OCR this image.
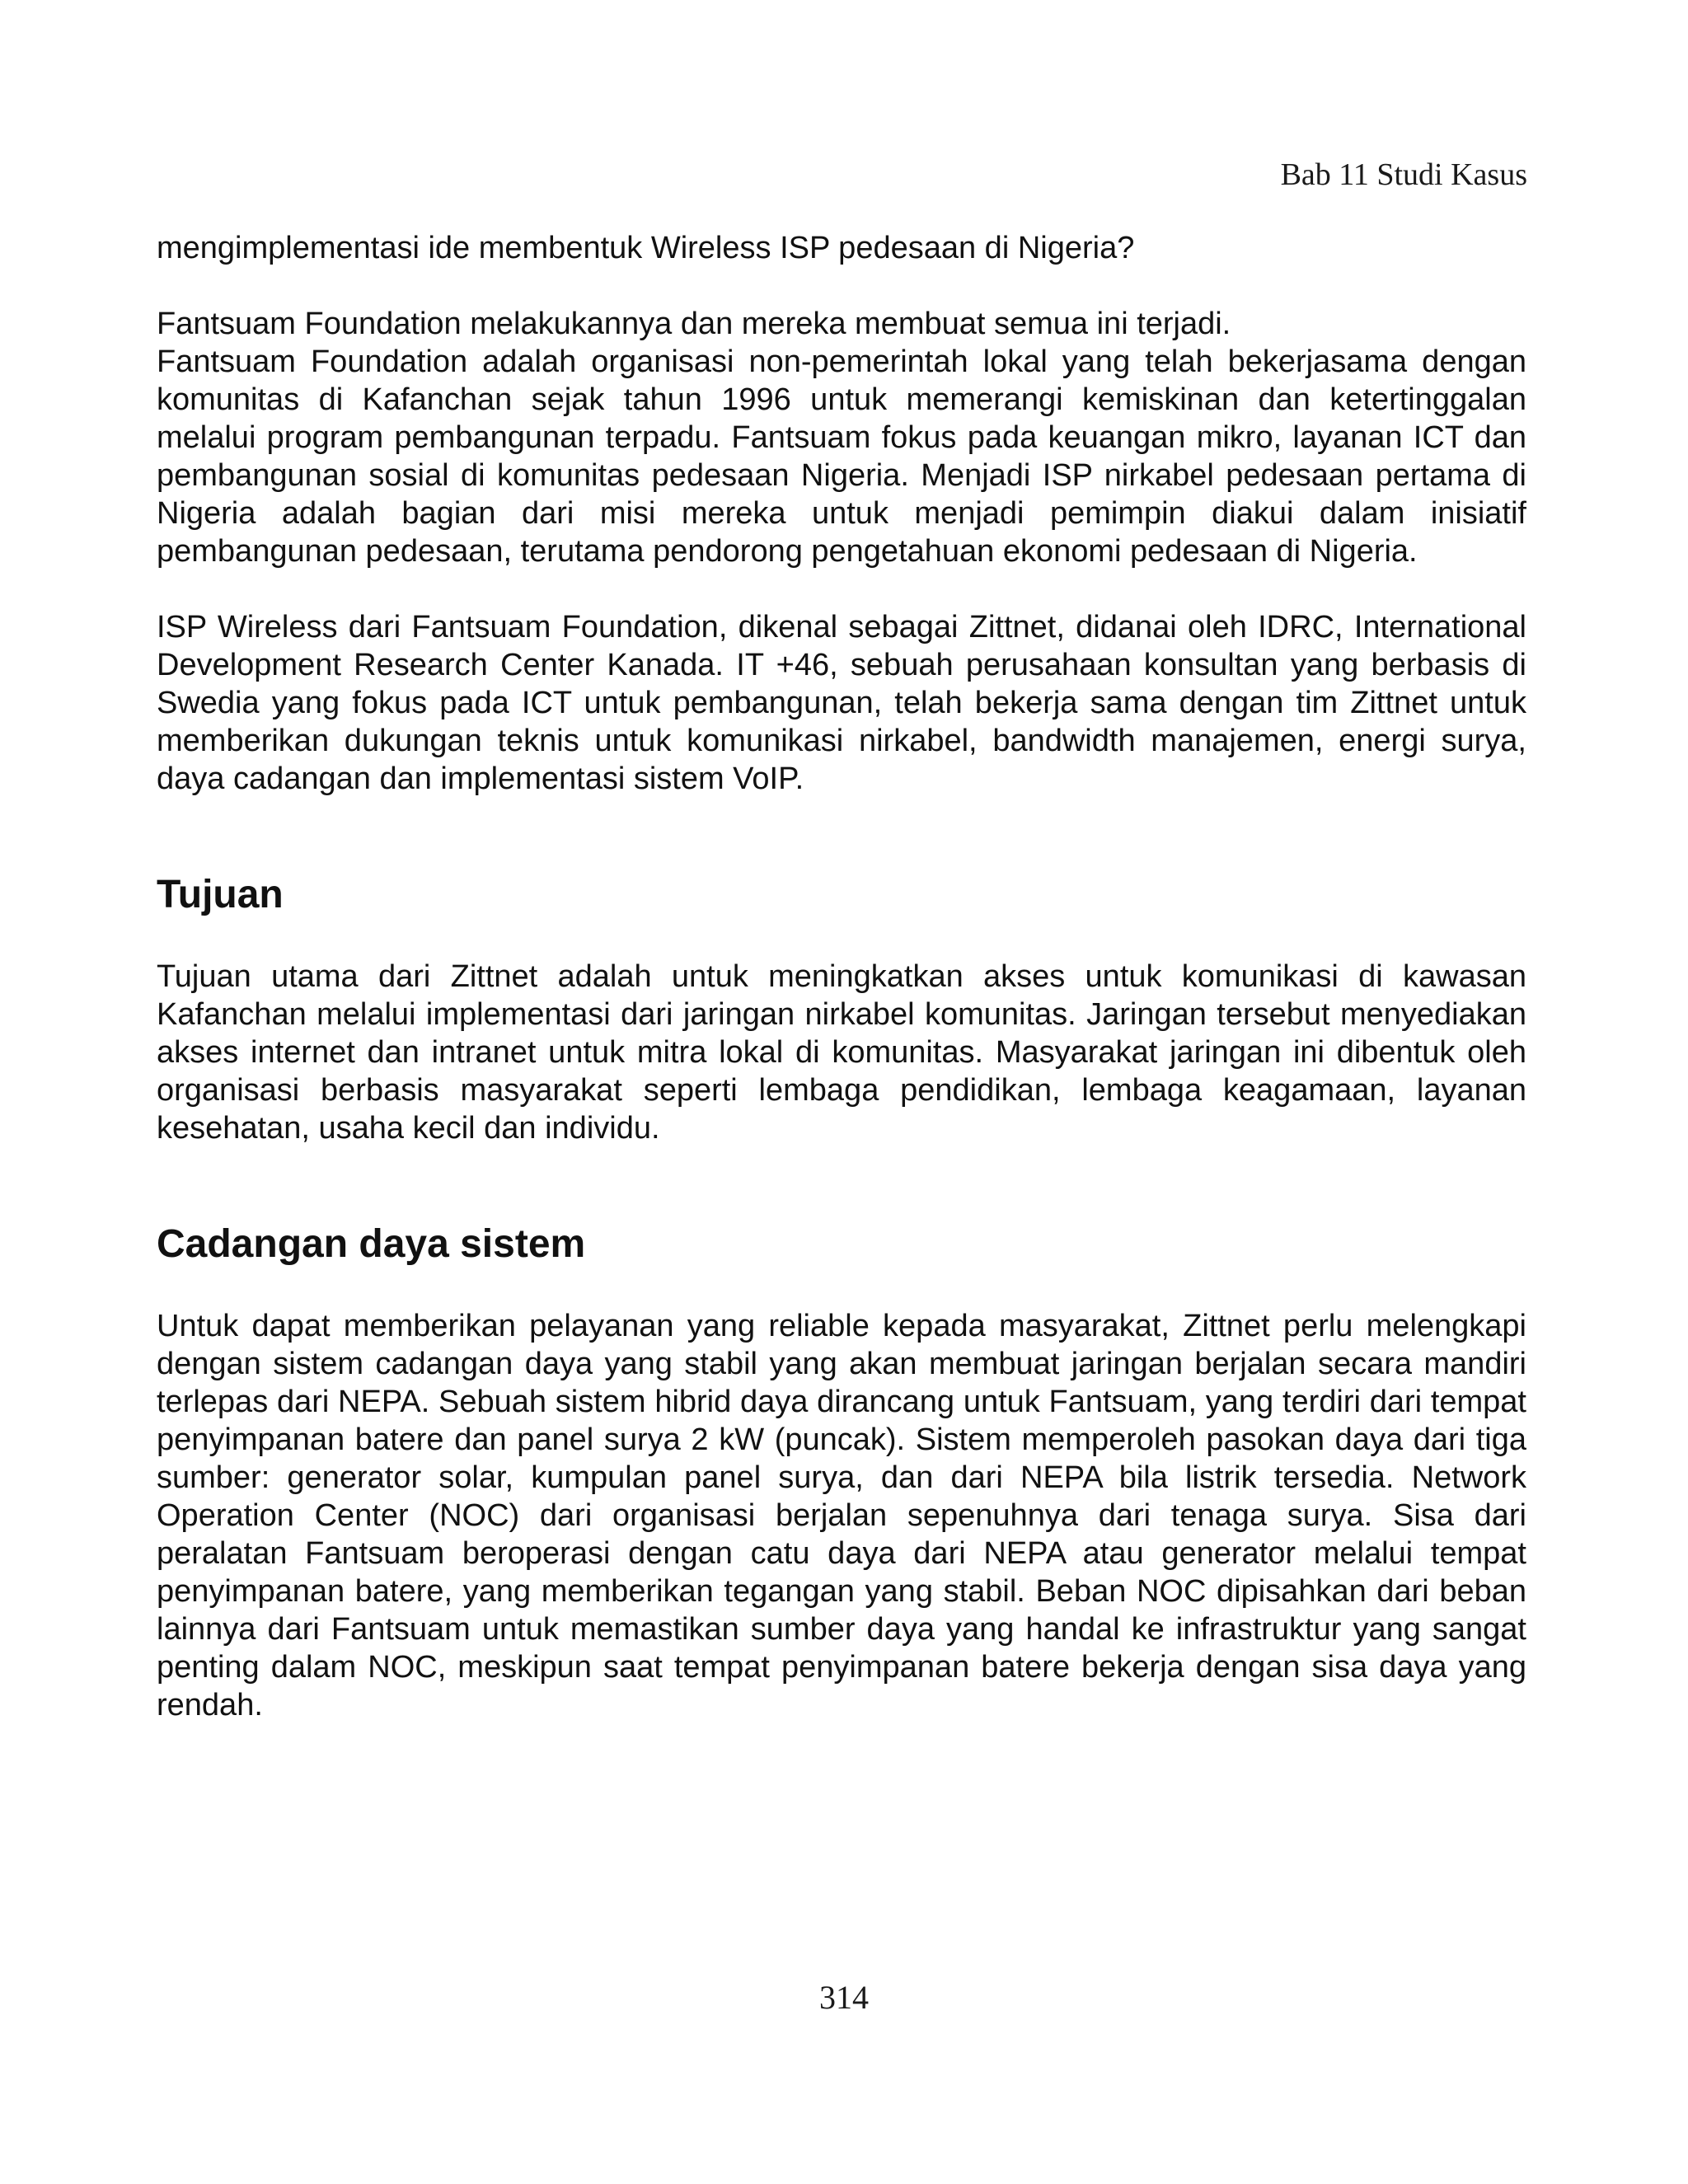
Bab 11 Studi Kasus

mengimplementasi ide membentuk Wireless ISP pedesaan di Nigeria?

Fantsuam Foundation melakukannya dan mereka membuat semua ini terjadi.

Fantsuam Foundation adalah organisasi non-pemerintah lokal yang telah bekerjasama dengan komunitas di Kafanchan sejak tahun 1996 untuk memerangi kemiskinan dan ketertinggalan melalui program pembangunan terpadu. Fantsuam fokus pada keuangan mikro, layanan ICT dan pembangunan sosial di komunitas pedesaan Nigeria. Menjadi ISP nirkabel pedesaan pertama di Nigeria adalah bagian dari misi mereka untuk menjadi pemimpin diakui dalam inisiatif pembangunan pedesaan, terutama pendorong pengetahuan ekonomi pedesaan di Nigeria.

ISP Wireless dari Fantsuam Foundation, dikenal sebagai Zittnet, didanai oleh IDRC, International Development Research Center Kanada. IT +46, sebuah perusahaan konsultan yang berbasis di Swedia yang fokus pada ICT untuk pembangunan, telah bekerja sama dengan tim Zittnet untuk memberikan dukungan teknis untuk komunikasi nirkabel, bandwidth manajemen, energi surya, daya cadangan dan implementasi sistem VoIP.

Tujuan

Tujuan utama dari Zittnet adalah untuk meningkatkan akses untuk komunikasi di kawasan Kafanchan melalui implementasi dari jaringan nirkabel komunitas. Jaringan tersebut menyediakan akses internet dan intranet untuk mitra lokal di komunitas. Masyarakat jaringan ini dibentuk oleh organisasi berbasis masyarakat seperti lembaga pendidikan, lembaga keagamaan, layanan kesehatan, usaha kecil dan individu.

Cadangan daya sistem

Untuk dapat memberikan pelayanan yang reliable kepada masyarakat, Zittnet perlu melengkapi dengan sistem cadangan daya yang stabil yang akan membuat jaringan berjalan secara mandiri terlepas dari NEPA. Sebuah sistem hibrid daya dirancang untuk Fantsuam, yang terdiri dari tempat penyimpanan batere dan panel surya 2 kW (puncak). Sistem memperoleh pasokan daya dari tiga sumber: generator solar, kumpulan panel surya, dan dari NEPA bila listrik tersedia. Network Operation Center (NOC) dari organisasi berjalan sepenuhnya dari tenaga surya. Sisa dari peralatan Fantsuam beroperasi dengan catu daya dari NEPA atau generator melalui tempat penyimpanan batere, yang memberikan tegangan yang stabil. Beban NOC dipisahkan dari beban lainnya dari Fantsuam untuk memastikan sumber daya yang handal ke infrastruktur yang sangat penting dalam NOC, meskipun saat tempat penyimpanan batere bekerja dengan sisa daya yang rendah.

314
